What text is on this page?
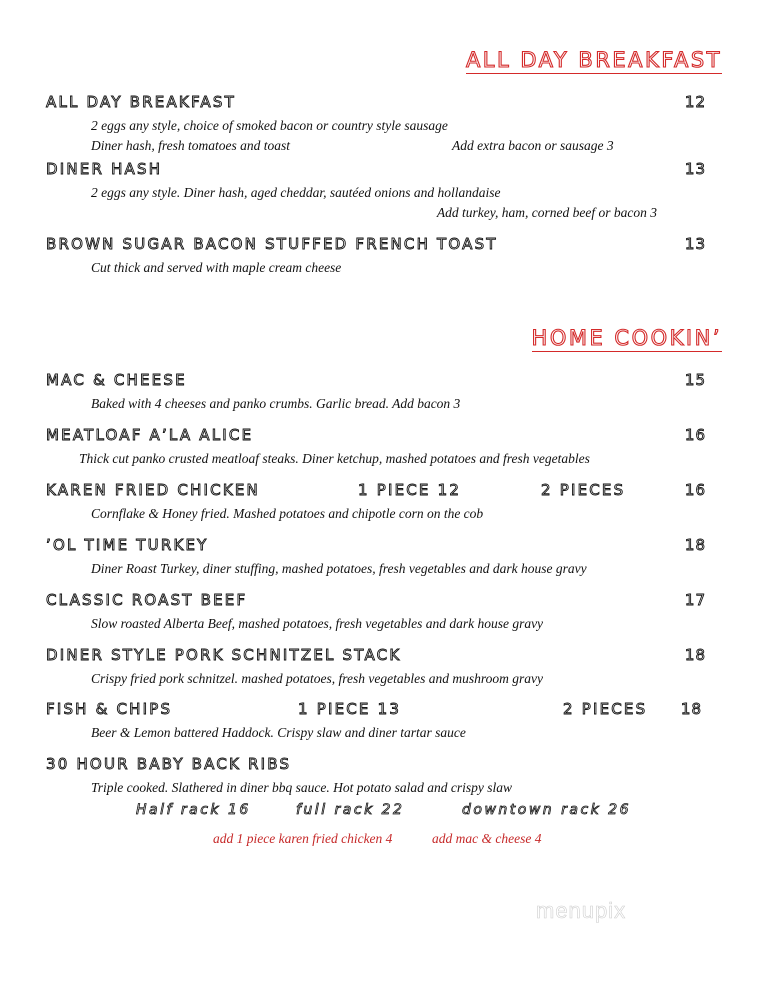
ALL DAY BREAKFAST
ALL DAY BREAKFAST	12
2 eggs any style, choice of smoked bacon or country style sausage
Diner hash, fresh tomatoes and toast	Add extra bacon or sausage 3
DINER HASH	13
2 eggs any style. Diner hash, aged cheddar, sautéed onions and hollandaise
Add turkey, ham, corned beef or bacon 3
BROWN SUGAR BACON STUFFED FRENCH TOAST	13
Cut thick and served with maple cream cheese
HOME COOKIN’
MAC & CHEESE	15
Baked with 4 cheeses and panko crumbs. Garlic bread. Add bacon 3
MEATLOAF A’LA ALICE	16
Thick cut panko crusted meatloaf steaks. Diner ketchup, mashed potatoes and fresh vegetables
KAREN FRIED CHICKEN	1 PIECE 12	2 PIECES	16
Cornflake & Honey fried. Mashed potatoes and chipotle corn on the cob
’OL TIME TURKEY	18
Diner Roast Turkey, diner stuffing, mashed potatoes, fresh vegetables and dark house gravy
CLASSIC ROAST BEEF	17
Slow roasted Alberta Beef, mashed potatoes, fresh vegetables and dark house gravy
DINER STYLE PORK SCHNITZEL STACK	18
Crispy fried pork schnitzel. mashed potatoes, fresh vegetables and mushroom gravy
FISH & CHIPS	1 PIECE 13	2 PIECES 18
Beer & Lemon battered Haddock. Crispy slaw and diner tartar sauce
30 HOUR BABY BACK RIBS
Triple cooked. Slathered in diner bbq sauce. Hot potato salad and crispy slaw
Half rack 16	full rack 22	downtown rack 26
add 1 piece karen fried chicken 4	add mac & cheese 4
menupix
